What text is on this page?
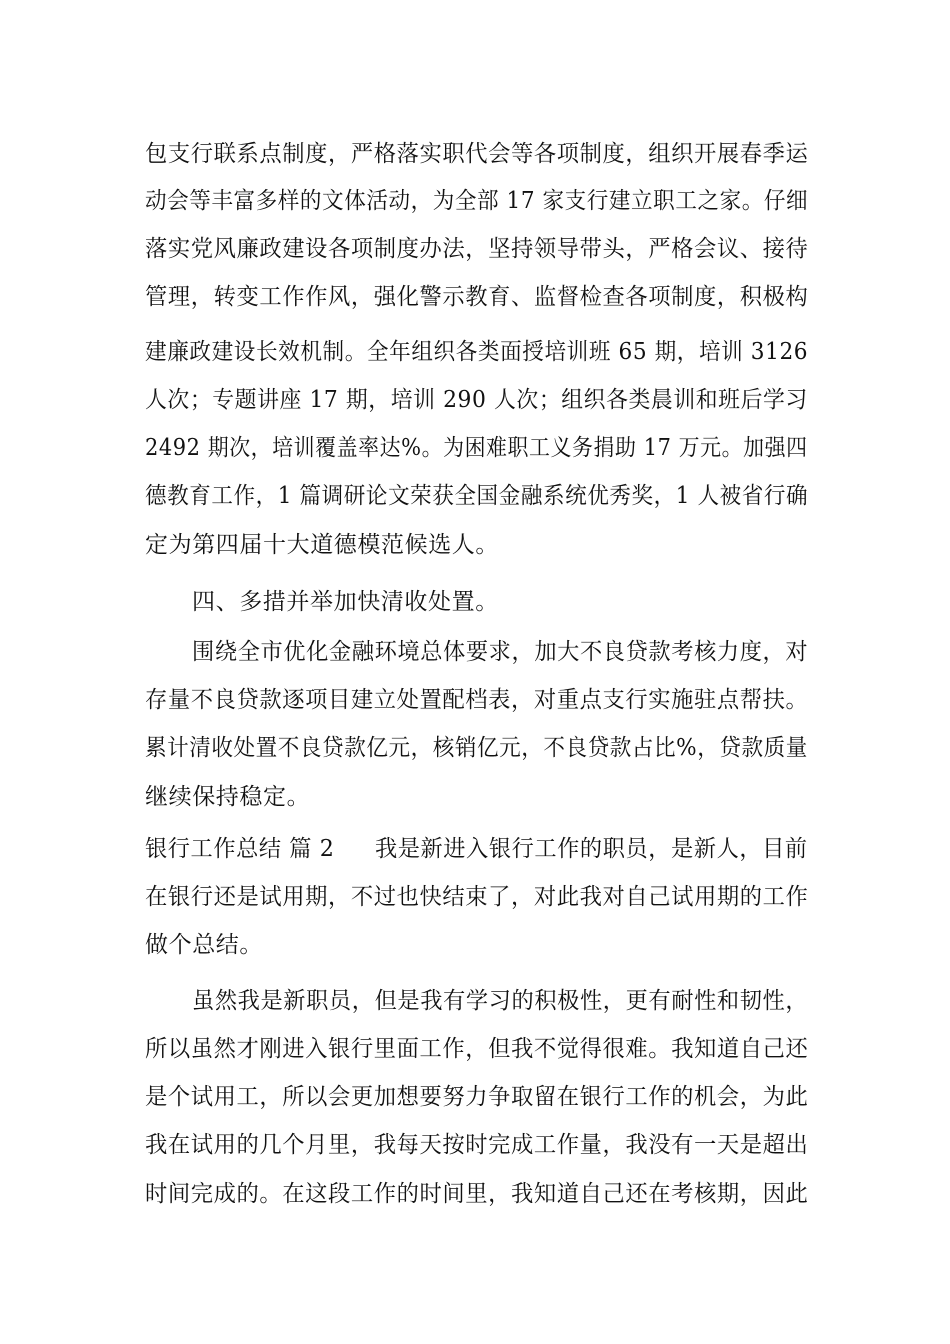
包支行联系点制度，严格落实职代会等各项制度，组织开展春季运

动会等丰富多样的文体活动，为全部 17 家支行建立职工之家。仔细

落实党风廉政建设各项制度办法，坚持领导带头，严格会议、接待

管理，转变工作作风，强化警示教育、监督检查各项制度，积极构

建廉政建设长效机制。全年组织各类面授培训班 65 期，培训 3126

人次；专题讲座 17 期，培训 290 人次；组织各类晨训和班后学习

2492 期次，培训覆盖率达%。为困难职工义务捐助 17 万元。加强四

德教育工作，1 篇调研论文荣获全国金融系统优秀奖，1 人被省行确

定为第四届十大道德模范候选人。

四、多措并举加快清收处置。

围绕全市优化金融环境总体要求，加大不良贷款考核力度，对

存量不良贷款逐项目建立处置配档表，对重点支行实施驻点帮扶。

累计清收处置不良贷款亿元，核销亿元，不良贷款占比%，贷款质量

继续保持稳定。

银行工作总结 篇 2 我是新进入银行工作的职员，是新人，目前

在银行还是试用期，不过也快结束了，对此我对自己试用期的工作

做个总结。

虽然我是新职员，但是我有学习的积极性，更有耐性和韧性，

所以虽然才刚进入银行里面工作，但我不觉得很难。我知道自己还

是个试用工，所以会更加想要努力争取留在银行工作的机会，为此

我在试用的几个月里，我每天按时完成工作量，我没有一天是超出

时间完成的。在这段工作的时间里，我知道自己还在考核期，因此
